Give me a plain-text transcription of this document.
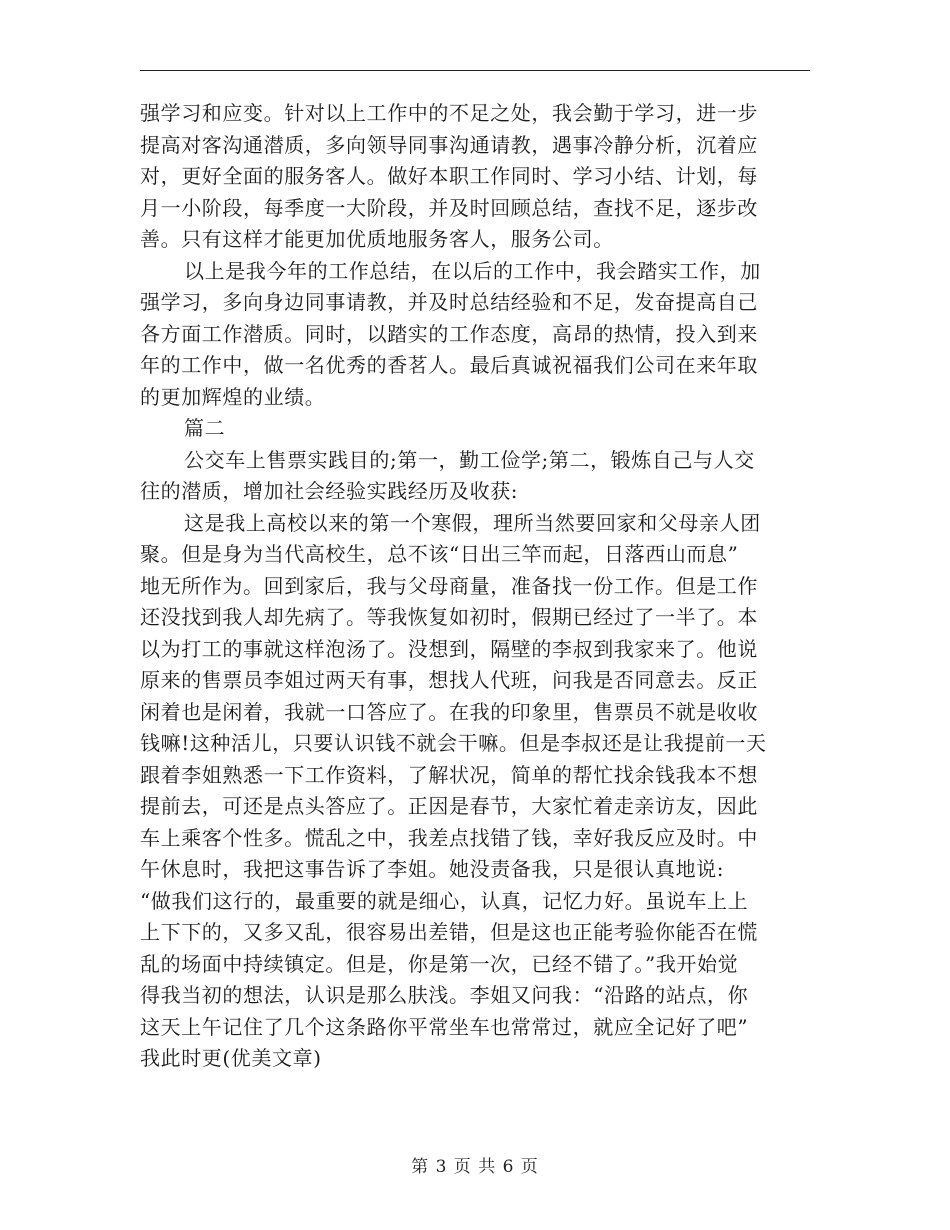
强学习和应变。针对以上工作中的不足之处，我会勤于学习，进一步
提高对客沟通潜质，多向领导同事沟通请教，遇事冷静分析，沉着应
对，更好全面的服务客人。做好本职工作同时、学习小结、计划，每
月一小阶段，每季度一大阶段，并及时回顾总结，查找不足，逐步改
善。只有这样才能更加优质地服务客人，服务公司。
以上是我今年的工作总结，在以后的工作中，我会踏实工作，加
强学习，多向身边同事请教，并及时总结经验和不足，发奋提高自己
各方面工作潜质。同时，以踏实的工作态度，高昂的热情，投入到来
年的工作中，做一名优秀的香茗人。最后真诚祝福我们公司在来年取
的更加辉煌的业绩。
篇二
公交车上售票实践目的;第一，勤工俭学;第二，锻炼自己与人交
往的潜质，增加社会经验实践经历及收获:
这是我上高校以来的第一个寒假，理所当然要回家和父母亲人团
聚。但是身为当代高校生，总不该“日出三竿而起，日落西山而息”
地无所作为。回到家后，我与父母商量，准备找一份工作。但是工作
还没找到我人却先病了。等我恢复如初时，假期已经过了一半了。本
以为打工的事就这样泡汤了。没想到，隔壁的李叔到我家来了。他说
原来的售票员李姐过两天有事，想找人代班，问我是否同意去。反正
闲着也是闲着，我就一口答应了。在我的印象里，售票员不就是收收
钱嘛!这种活儿，只要认识钱不就会干嘛。但是李叔还是让我提前一天
跟着李姐熟悉一下工作资料，了解状况，简单的帮忙找余钱我本不想
提前去，可还是点头答应了。正因是春节，大家忙着走亲访友，因此
车上乘客个性多。慌乱之中，我差点找错了钱，幸好我反应及时。中
午休息时，我把这事告诉了李姐。她没责备我，只是很认真地说:
“做我们这行的，最重要的就是细心，认真，记忆力好。虽说车上上
上下下的，又多又乱，很容易出差错，但是这也正能考验你能否在慌
乱的场面中持续镇定。但是，你是第一次，已经不错了。”我开始觉
得我当初的想法，认识是那么肤浅。李姐又问我：“沿路的站点，你
这天上午记住了几个这条路你平常坐车也常常过，就应全记好了吧”
我此时更(优美文章)
第 3 页 共 6 页
